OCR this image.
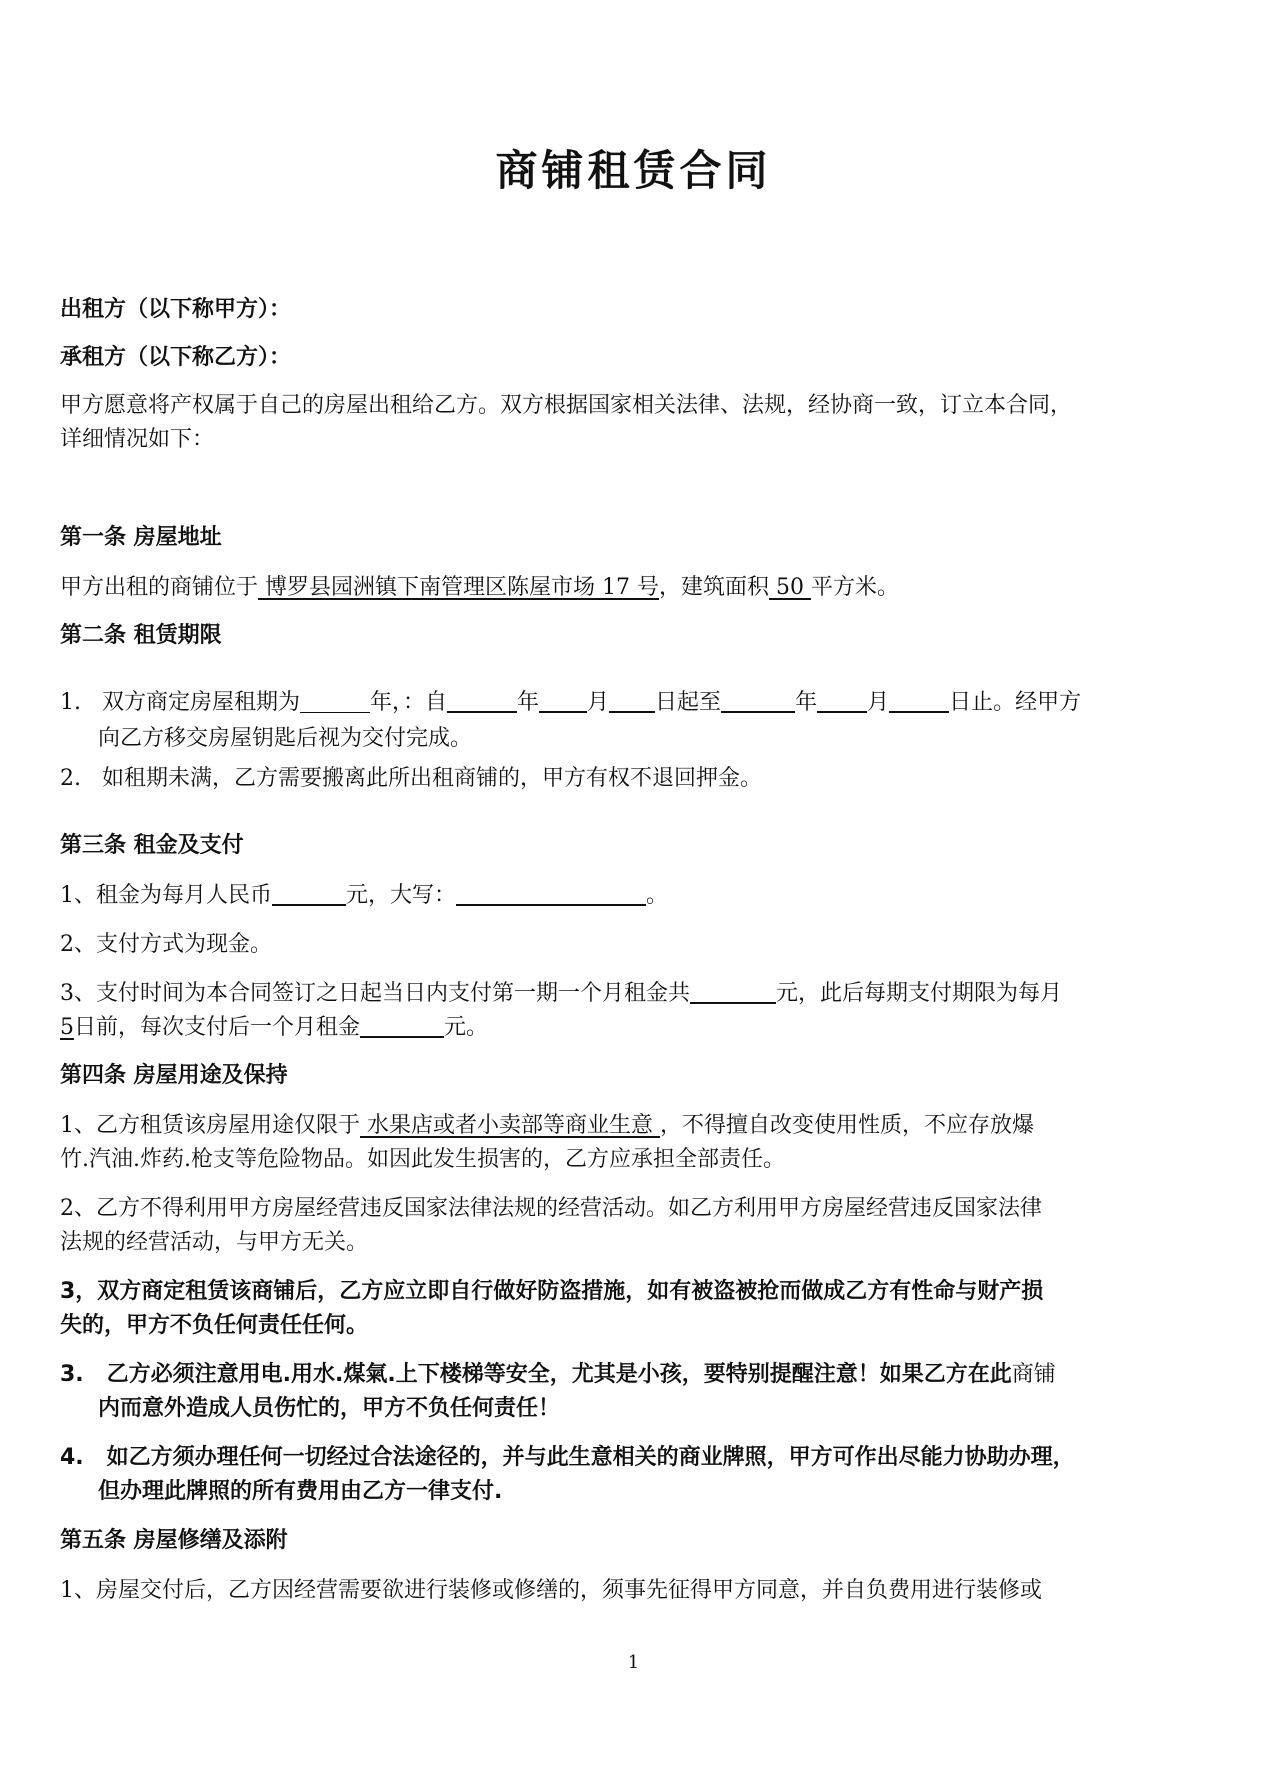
商铺租赁合同
出租方（以下称甲方）：
承租方（以下称乙方）：
甲方愿意将产权属于自己的房屋出租给乙方。双方根据国家相关法律、法规，经协商一致，订立本合同，
详细情况如下：
第一条 房屋地址
甲方出租的商铺位于 博罗县园洲镇下南管理区陈屋市场 17 号，建筑面积 50 平方米。
第二条 租赁期限
1. 双方商定房屋租期为	年，：自	年 月 日起至	年 月	日止。经甲方
向乙方移交房屋钥匙后视为交付完成。
2. 如租期未满，乙方需要搬离此所出租商铺的，甲方有权不退回押金。
第三条 租金及支付
1、租金为每月人民币	元，大写：	。
2、支付方式为现金。
3、支付时间为本合同签订之日起当日内支付第一期一个月租金共	元，此后每期支付期限为每月
5日前，每次支付后一个月租金	元。
第四条 房屋用途及保持
1、乙方租赁该房屋用途仅限于 水果店或者小卖部等商业生意 ，不得擅自改变使用性质，不应存放爆
竹.汽油.炸药.枪支等危险物品。如因此发生损害的，乙方应承担全部责任。
2、乙方不得利用甲方房屋经营违反国家法律法规的经营活动。如乙方利用甲方房屋经营违反国家法律
法规的经营活动，与甲方无关。
3，双方商定租赁该商铺后，乙方应立即自行做好防盗措施，如有被盗被抢而做成乙方有性命与财产损
失的，甲方不负任何责任任何。
3. 乙方必须注意用电.用水.煤氣.上下楼梯等安全，尤其是小孩，要特别提醒注意！如果乙方在此商铺
内而意外造成人员伤忙的，甲方不负任何责任！
4. 如乙方须办理任何一切经过合法途径的，并与此生意相关的商业牌照，甲方可作出尽能力协助办理，
但办理此牌照的所有费用由乙方一律支付.
第五条 房屋修缮及添附
1、房屋交付后，乙方因经营需要欲进行装修或修缮的，须事先征得甲方同意，并自负费用进行装修或
1
